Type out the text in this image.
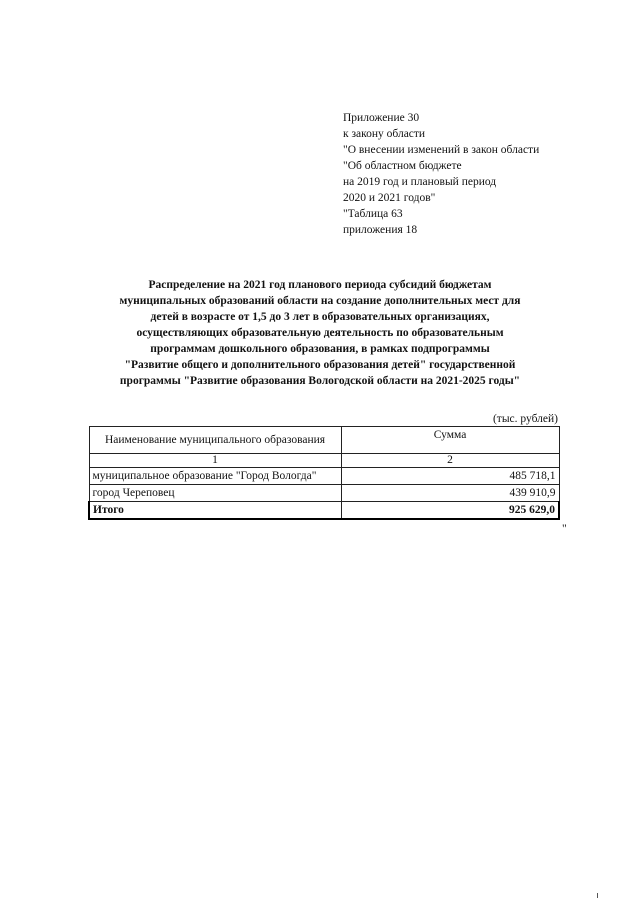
Приложение 30
к закону области
"О внесении изменений в закон области
"Об областном бюджете
на 2019 год и плановый период
2020 и 2021 годов"
"Таблица 63
приложения 18
Распределение на 2021 год планового периода субсидий бюджетам
муниципальных образований области на создание дополнительных мест для
детей в возрасте от 1,5 до 3 лет в образовательных организациях,
осуществляющих образовательную деятельность по образовательным
программам дошкольного образования, в рамках подпрограммы
"Развитие общего и дополнительного образования детей" государственной
программы "Развитие образования Вологодской области на 2021-2025 годы"
(тыс. рублей)
Наименование муниципального образования	Сумма
1	2
муниципальное образование "Город Вологда"	485 718,1
город Череповец	439 910,9
Итого	925 629,0
"
